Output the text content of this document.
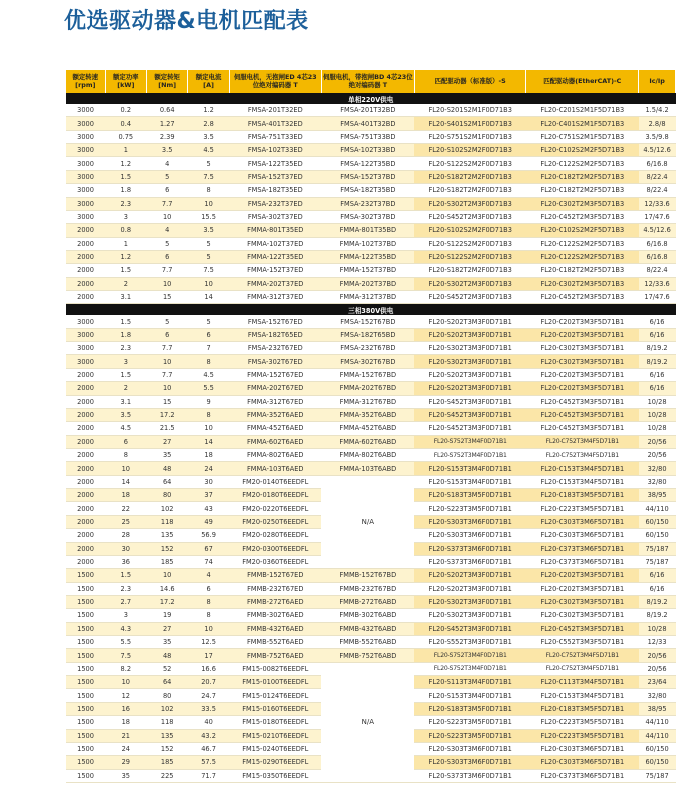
优选驱动器&电机匹配表
额定转速 [rpm]	额定功率 [kW]	额定转矩 [Nm]	额定电流 [A]	伺服电机，无抱闸ED 4芯23位绝对编码器 T	伺服电机，带抱闸BD 4芯23位绝对编码器 T	匹配驱动器（标准版）-S	匹配驱动器(EtherCAT)-C	Ic/Ip
单相220V供电								
3000	0.2	0.64	1.2	FMSA-201T32ED	FMSA-201T32BD	FL20-S201S2M1F0D71B3	FL20-C201S2M1F5D71B3	1.5/4.2
3000	0.4	1.27	2.8	FMSA-401T32ED	FMSA-401T32BD	FL20-S401S2M1F0D71B3	FL20-C401S2M1F5D71B3	2.8/8
3000	0.75	2.39	3.5	FMSA-751T33ED	FMSA-751T33BD	FL20-S751S2M1F0D71B3	FL20-C751S2M1F5D71B3	3.5/9.8
3000	1	3.5	4.5	FMSA-102T33ED	FMSA-102T33BD	FL20-S102S2M2F0D71B3	FL20-C102S2M2F5D71B3	4.5/12.6
3000	1.2	4	5	FMSA-122T35ED	FMSA-122T35BD	FL20-S122S2M2F0D71B3	FL20-C122S2M2F5D71B3	6/16.8
3000	1.5	5	7.5	FMSA-152T37ED	FMSA-152T37BD	FL20-S182T2M2F0D71B3	FL20-C182T2M2F5D71B3	8/22.4
3000	1.8	6	8	FMSA-182T35ED	FMSA-182T35BD	FL20-S182T2M2F0D71B3	FL20-C182T2M2F5D71B3	8/22.4
3000	2.3	7.7	10	FMSA-232T37ED	FMSA-232T37BD	FL20-S302T2M3F0D71B3	FL20-C302T2M3F5D71B3	12/33.6
3000	3	10	15.5	FMSA-302T37ED	FMSA-302T37BD	FL20-S452T2M3F0D71B3	FL20-C452T2M3F5D71B3	17/47.6
2000	0.8	4	3.5	FMMA-801T35ED	FMMA-801T35BD	FL20-S102S2M2F0D71B3	FL20-C102S2M2F5D71B3	4.5/12.6
2000	1	5	5	FMMA-102T37ED	FMMA-102T37BD	FL20-S122S2M2F0D71B3	FL20-C122S2M2F5D71B3	6/16.8
2000	1.2	6	5	FMMA-122T35ED	FMMA-122T35BD	FL20-S122S2M2F0D71B3	FL20-C122S2M2F5D71B3	6/16.8
2000	1.5	7.7	7.5	FMMA-152T37ED	FMMA-152T37BD	FL20-S182T2M2F0D71B3	FL20-C182T2M2F5D71B3	8/22.4
2000	2	10	10	FMMA-202T37ED	FMMA-202T37BD	FL20-S302T2M3F0D71B3	FL20-C302T2M3F5D71B3	12/33.6
2000	3.1	15	14	FMMA-312T37ED	FMMA-312T37BD	FL20-S452T2M3F0D71B3	FL20-C452T2M3F5D71B3	17/47.6
三相380V供电								
3000	1.5	5	5	FMSA-152T67ED	FMSA-152T67BD	FL20-S202T3M3F0D71B1	FL20-C202T3M3F5D71B1	6/16
3000	1.8	6	6	FMSA-182T65ED	FMSA-182T65BD	FL20-S202T3M3F0D71B1	FL20-C202T3M3F5D71B1	6/16
3000	2.3	7.7	7	FMSA-232T67ED	FMSA-232T67BD	FL20-S302T3M3F0D71B1	FL20-C302T3M3F5D71B1	8/19.2
3000	3	10	8	FMSA-302T67ED	FMSA-302T67BD	FL20-S302T3M3F0D71B1	FL20-C302T3M3F5D71B1	8/19.2
2000	1.5	7.7	4.5	FMMA-152T67ED	FMMA-152T67BD	FL20-S202T3M3F0D71B1	FL20-C202T3M3F5D71B1	6/16
2000	2	10	5.5	FMMA-202T67ED	FMMA-202T67BD	FL20-S202T3M3F0D71B1	FL20-C202T3M3F5D71B1	6/16
2000	3.1	15	9	FMMA-312T67ED	FMMA-312T67BD	FL20-S452T3M3F0D71B1	FL20-C452T3M3F5D71B1	10/28
2000	3.5	17.2	8	FMMA-352T6AED	FMMA-352T6ABD	FL20-S452T3M3F0D71B1	FL20-C452T3M3F5D71B1	10/28
2000	4.5	21.5	10	FMMA-452T6AED	FMMA-452T6ABD	FL20-S452T3M3F0D71B1	FL20-C452T3M3F5D71B1	10/28
2000	6	27	14	FMMA-602T6AED	FMMA-602T6ABD	FL20-S752T3M4F0D71B1	FL20-C752T3M4F5D71B1	20/56
2000	8	35	18	FMMA-802T6AED	FMMA-802T6ABD	FL20-S752T3M4F0D71B1	FL20-C752T3M4F5D71B1	20/56
2000	10	48	24	FMMA-103T6AED	FMMA-103T6ABD	FL20-S153T3M4F0D71B1	FL20-C153T3M4F5D71B1	32/80
2000	14	64	30	FM20-0140T6EEDFL	N/A	FL20-S153T3M4F0D71B1	FL20-C153T3M4F5D71B1	32/80
2000	18	80	37	FM20-0180T6EEDFL		FL20-S183T3M5F0D71B1	FL20-C183T3M5F5D71B1	38/95
2000	22	102	43	FM20-0220T6EEDFL		FL20-S223T3M5F0D71B1	FL20-C223T3M5F5D71B1	44/110
2000	25	118	49	FM20-0250T6EEDFL		FL20-S303T3M6F0D71B1	FL20-C303T3M6F5D71B1	60/150
2000	28	135	56.9	FM20-0280T6EEDFL		FL20-S303T3M6F0D71B1	FL20-C303T3M6F5D71B1	60/150
2000	30	152	67	FM20-0300T6EEDFL		FL20-S373T3M6F0D71B1	FL20-C373T3M6F5D71B1	75/187
2000	36	185	74	FM20-0360T6EEDFL		FL20-S373T3M6F0D71B1	FL20-C373T3M6F5D71B1	75/187
1500	1.5	10	4	FMMB-152T67ED	FMMB-152T67BD	FL20-S202T3M3F0D71B1	FL20-C202T3M3F5D71B1	6/16
1500	2.3	14.6	6	FMMB-232T67ED	FMMB-232T67BD	FL20-S202T3M3F0D71B1	FL20-C202T3M3F5D71B1	6/16
1500	2.7	17.2	8	FMMB-272T6AED	FMMB-272T6ABD	FL20-S302T3M3F0D71B1	FL20-C302T3M3F5D71B1	8/19.2
1500	3	19	8	FMMB-302T6AED	FMMB-302T6ABD	FL20-S302T3M3F0D71B1	FL20-C302T3M3F5D71B1	8/19.2
1500	4.3	27	10	FMMB-432T6AED	FMMB-432T6ABD	FL20-S452T3M3F0D71B1	FL20-C452T3M3F5D71B1	10/28
1500	5.5	35	12.5	FMMB-552T6AED	FMMB-552T6ABD	FL20-S552T3M3F0D71B1	FL20-C552T3M3F5D71B1	12/33
1500	7.5	48	17	FMMB-752T6AED	FMMB-752T6ABD	FL20-S752T3M4F0D71B1	FL20-C752T3M4F5D71B1	20/56
1500	8.2	52	16.6	FM15-0082T6EEDFL	N/A	FL20-S752T3M4F0D71B1	FL20-C752T3M4F5D71B1	20/56
1500	10	64	20.7	FM15-0100T6EEDFL		FL20-S113T3M4F0D71B1	FL20-C113T3M4F5D71B1	23/64
1500	12	80	24.7	FM15-0124T6EEDFL		FL20-S153T3M4F0D71B1	FL20-C153T3M4F5D71B1	32/80
1500	16	102	33.5	FM15-0160T6EEDFL		FL20-S183T3M5F0D71B1	FL20-C183T3M5F5D71B1	38/95
1500	18	118	40	FM15-0180T6EEDFL		FL20-S223T3M5F0D71B1	FL20-C223T3M5F5D71B1	44/110
1500	21	135	43.2	FM15-0210T6EEDFL		FL20-S223T3M5F0D71B1	FL20-C223T3M5F5D71B1	44/110
1500	24	152	46.7	FM15-0240T6EEDFL		FL20-S303T3M6F0D71B1	FL20-C303T3M6F5D71B1	60/150
1500	29	185	57.5	FM15-0290T6EEDFL		FL20-S303T3M6F0D71B1	FL20-C303T3M6F5D71B1	60/150
1500	35	225	71.7	FM15-0350T6EEDFL		FL20-S373T3M6F0D71B1	FL20-C373T3M6F5D71B1	75/187
